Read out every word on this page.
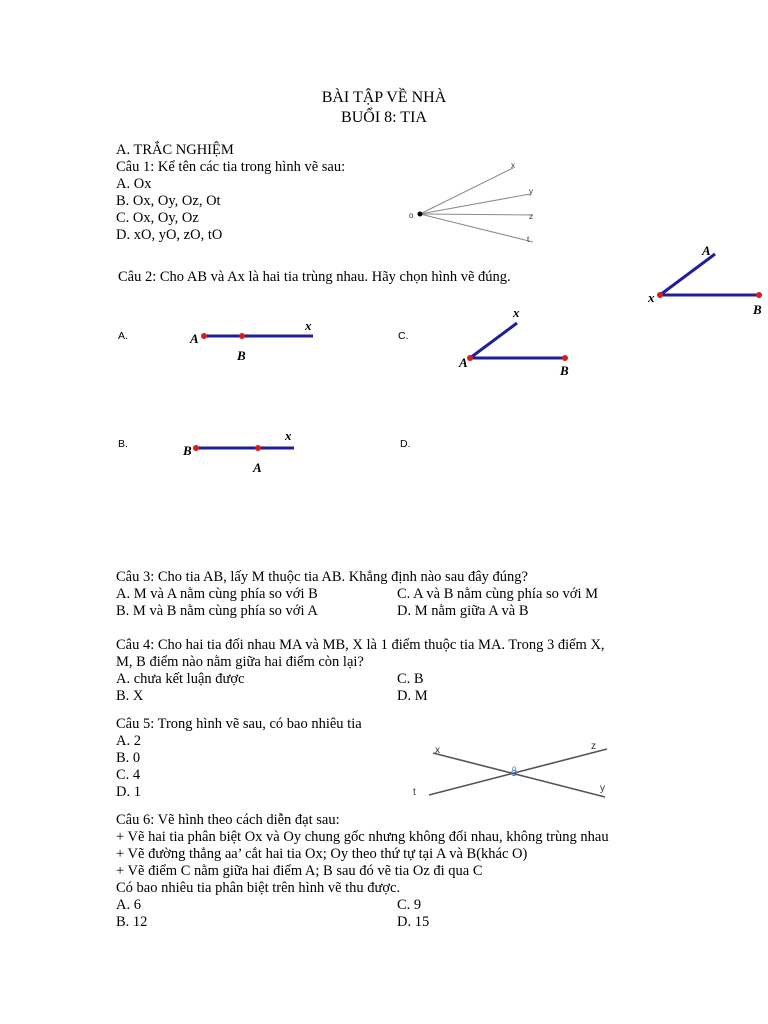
BÀI TẬP VỀ NHÀ
BUỔI 8: TIA
A. TRẮC NGHIỆM
Câu 1: Kể tên các tia trong hình vẽ sau:
A. Ox
B. Ox, Oy, Oz, Ot
C. Ox, Oy, Oz
D. xO, yO, zO, tO
o
x
y
z
t
Câu 2: Cho AB và Ax là hai tia trùng nhau. Hãy chọn hình vẽ đúng.
x
A
B
A.	A
B
x
C.
A
B
x
B.	B
A
x
D.
Câu 3: Cho tia AB, lấy M thuộc tia AB. Khẳng định nào sau đây đúng?
A. M và A nằm cùng phía so với B	C. A và B nằm cùng phía so với M
B. M và B nằm cùng phía so với A	D. M nằm giữa A và B
Câu 4: Cho hai tia đối nhau MA và MB, X là 1 điểm thuộc tia MA. Trong 3 điểm X,
M, B điểm nào nằm giữa hai điểm còn lại?
A. chưa kết luận được	C. B
B. X	D. M
Câu 5: Trong hình vẽ sau, có bao nhiêu tia
A. 2
B. 0
C. 4
D. 1
x	z
o
t	y
Câu 6: Vẽ hình theo cách diễn đạt sau:
+ Vẽ hai tia phân biệt Ox và Oy chung gốc nhưng không đối nhau, không trùng nhau
+ Vẽ đường thẳng aa’ cắt hai tia Ox; Oy theo thứ tự tại A và B(khác O)
+ Vẽ điểm C nằm giữa hai điểm A; B sau đó vẽ tia Oz đi qua C
Có bao nhiêu tia phân biệt trên hình vẽ thu được.
A. 6	C. 9
B. 12	D. 15
